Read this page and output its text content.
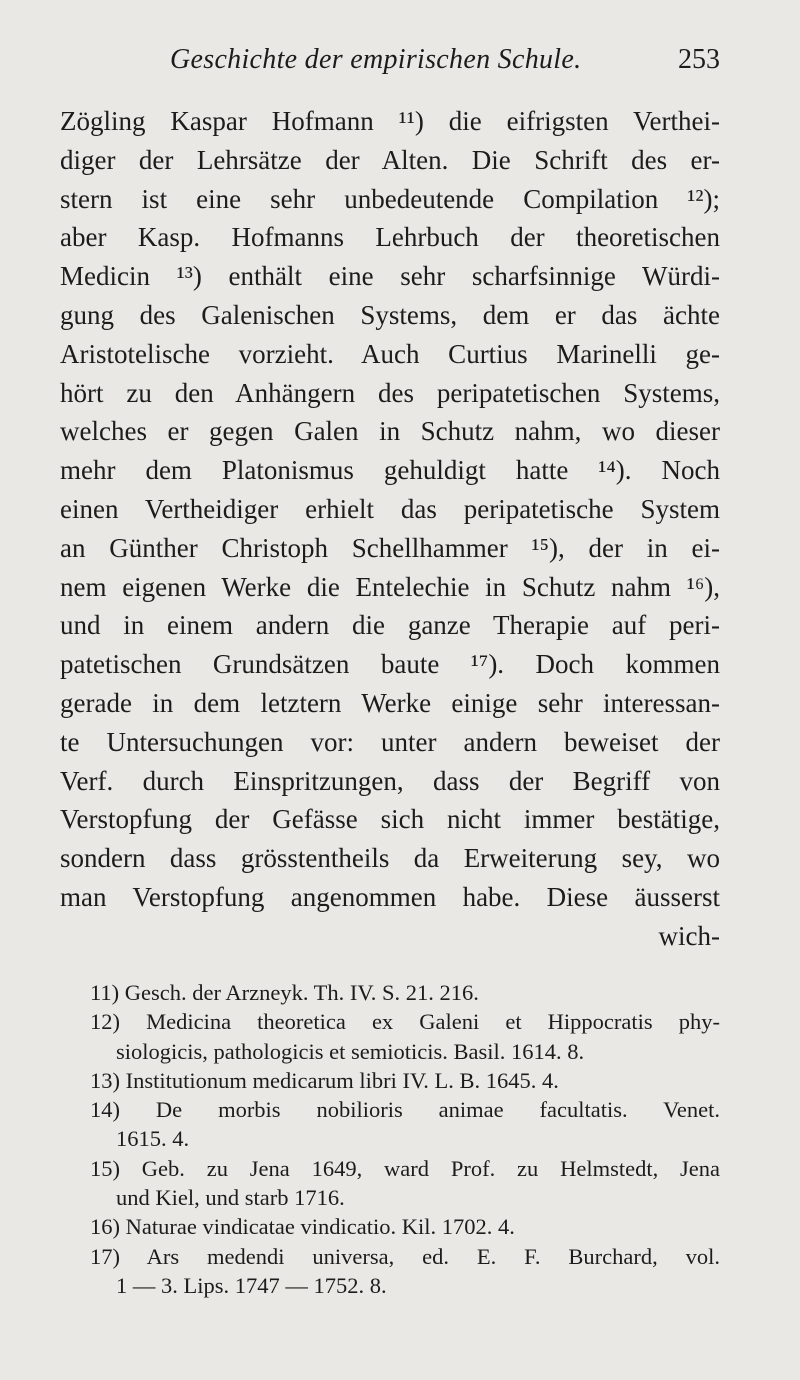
Geschichte der empirischen Schule.	253
Zögling Kaspar Hofmann ¹¹) die eifrigsten Verthei-
diger der Lehrsätze der Alten. Die Schrift des er-
stern ist eine sehr unbedeutende Compilation ¹²);
aber Kasp. Hofmanns Lehrbuch der theoretischen
Medicin ¹³) enthält eine sehr scharfsinnige Würdi-
gung des Galenischen Systems, dem er das ächte
Aristotelische vorzieht. Auch Curtius Marinelli ge-
hört zu den Anhängern des peripatetischen Systems,
welches er gegen Galen in Schutz nahm, wo dieser
mehr dem Platonismus gehuldigt hatte ¹⁴). Noch
einen Vertheidiger erhielt das peripatetische System
an Günther Christoph Schellhammer ¹⁵), der in ei-
nem eigenen Werke die Entelechie in Schutz nahm ¹⁶),
und in einem andern die ganze Therapie auf peri-
patetischen Grundsätzen baute ¹⁷). Doch kommen
gerade in dem letztern Werke einige sehr interessan-
te Untersuchungen vor: unter andern beweiset der
Verf. durch Einspritzungen, dass der Begriff von
Verstopfung der Gefässe sich nicht immer bestätige,
sondern dass grösstentheils da Erweiterung sey, wo
man Verstopfung angenommen habe. Diese äusserst
wich-
11) Gesch. der Arzneyk. Th. IV. S. 21. 216.
12) Medicina theoretica ex Galeni et Hippocratis phy-
siologicis, pathologicis et semioticis. Basil. 1614. 8.
13) Institutionum medicarum libri IV. L. B. 1645. 4.
14) De morbis nobilioris animae facultatis. Venet.
1615. 4.
15) Geb. zu Jena 1649, ward Prof. zu Helmstedt, Jena
und Kiel, und starb 1716.
16) Naturae vindicatae vindicatio. Kil. 1702. 4.
17) Ars medendi universa, ed. E. F. Burchard, vol.
1 — 3. Lips. 1747 — 1752. 8.
